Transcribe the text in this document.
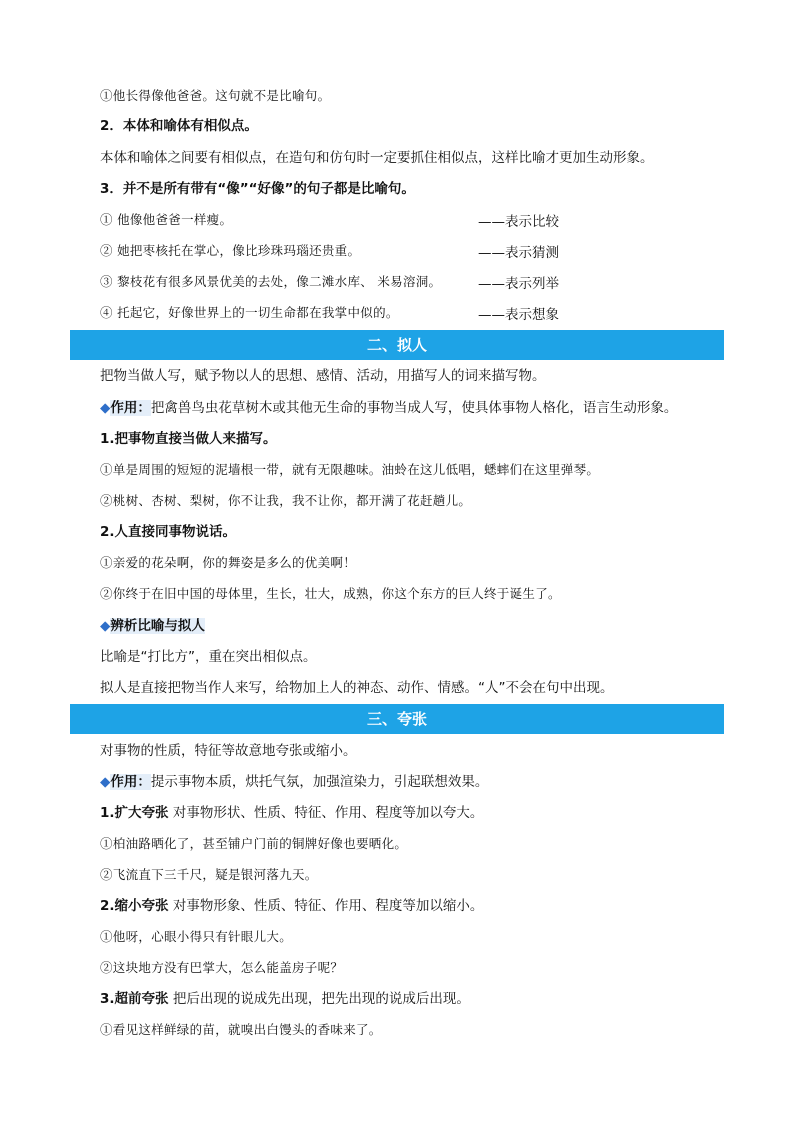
①他长得像他爸爸。这句就不是比喻句。
2．本体和喻体有相似点。
本体和喻体之间要有相似点，在造句和仿句时一定要抓住相似点，这样比喻才更加生动形象。
3．并不是所有带有“像”“好像”的句子都是比喻句。
① 他像他爸爸一样瘦。	——表示比较
② 她把枣核托在掌心，像比珍珠玛瑙还贵重。	——表示猜测
③ 黎枝花有很多风景优美的去处，像二滩水库、 米易溶洞。	——表示列举
④ 托起它，好像世界上的一切生命都在我掌中似的。	——表示想象
二、拟人
把物当做人写，赋予物以人的思想、感情、活动，用描写人的词来描写物。
◆作用：把禽兽鸟虫花草树木或其他无生命的事物当成人写，使具体事物人格化，语言生动形象。
1.把事物直接当做人来描写。
①单是周围的短短的泥墙根一带，就有无限趣味。油蛉在这儿低唱，蟋蟀们在这里弹琴。
②桃树、杏树、梨树，你不让我，我不让你，都开满了花赶趟儿。
2.人直接同事物说话。
①亲爱的花朵啊，你的舞姿是多么的优美啊！
②你终于在旧中国的母体里，生长，壮大，成熟，你这个东方的巨人终于诞生了。
◆辨析比喻与拟人
比喻是“打比方”，重在突出相似点。
拟人是直接把物当作人来写，给物加上人的神态、动作、情感。“人”不会在句中出现。
三、夸张
对事物的性质，特征等故意地夸张或缩小。
◆作用：提示事物本质，烘托气氛，加强渲染力，引起联想效果。
1.扩大夸张 对事物形状、性质、特征、作用、程度等加以夸大。
①柏油路晒化了，甚至铺户门前的铜牌好像也要晒化。
②飞流直下三千尺，疑是银河落九天。
2.缩小夸张 对事物形象、性质、特征、作用、程度等加以缩小。
①他呀，心眼小得只有针眼儿大。
②这块地方没有巴掌大，怎么能盖房子呢？
3.超前夸张 把后出现的说成先出现，把先出现的说成后出现。
①看见这样鲜绿的苗，就嗅出白馒头的香味来了。
